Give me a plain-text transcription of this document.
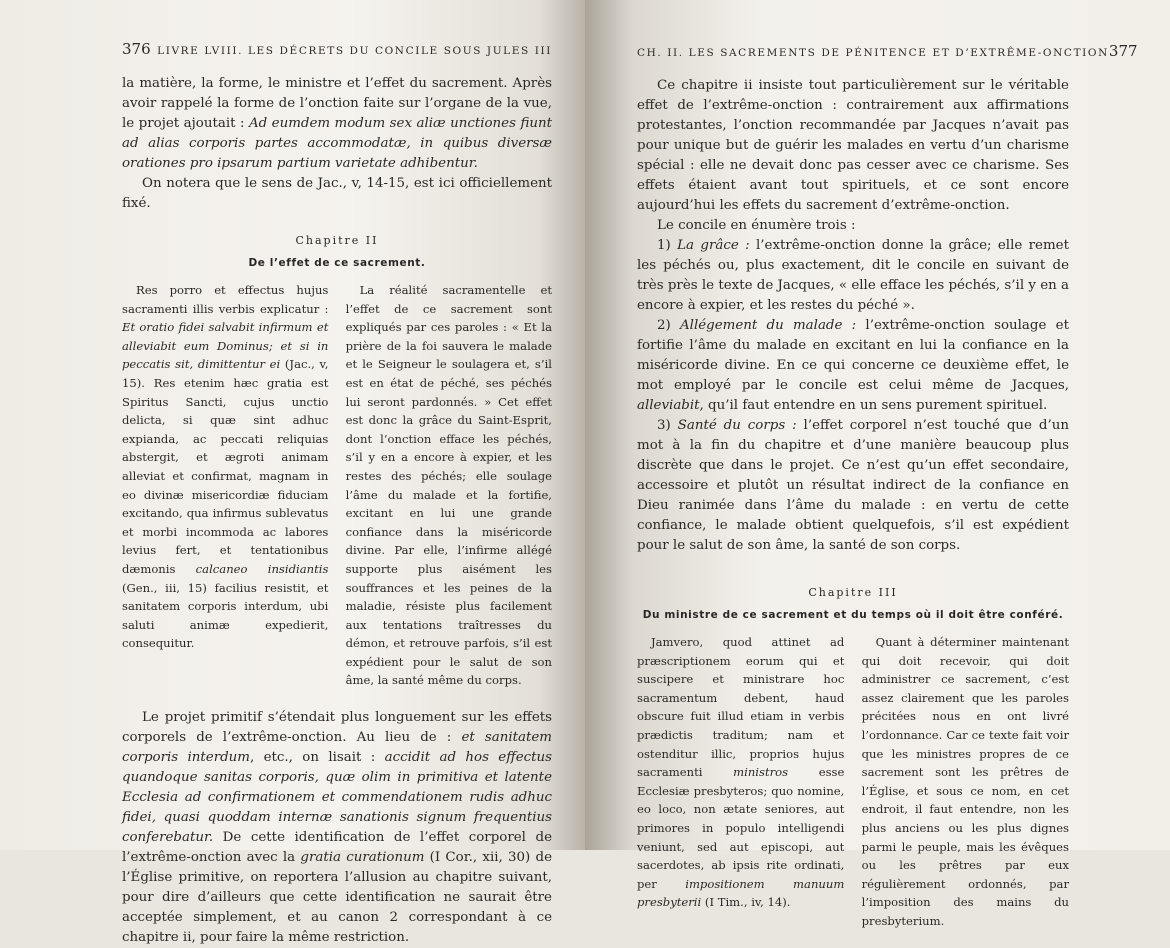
376 LIVRE LVIII. LES DÉCRETS DU CONCILE SOUS JULES III

la matière, la forme, le ministre et l’effet du sacrement. Après avoir rappelé la forme de l’onction faite sur l’organe de la vue, le projet ajoutait : Ad eumdem modum sex aliæ unctiones fiunt ad alias corporis partes accommodatæ, in quibus diversæ orationes pro ipsarum partium varietate adhibentur.

On notera que le sens de Jac., v, 14-15, est ici officiellement fixé.

Chapitre II
De l’effet de ce sacrement.

Res porro et effectus hujus sacramenti illis verbis explicatur : Et oratio fidei salvabit infirmum et alleviabit eum Dominus; et si in peccatis sit, dimittentur ei (Jac., v, 15). Res etenim hæc gratia est Spiritus Sancti, cujus unctio delicta, si quæ sint adhuc expianda, ac peccati reliquias abstergit, et ægroti animam alleviat et confirmat, magnam in eo divinæ misericordiæ fiduciam excitando, qua infirmus sublevatus et morbi incommoda ac labores levius fert, et tentationibus dæmonis calcaneo insidiantis (Gen., iii, 15) facilius resistit, et sanitatem corporis interdum, ubi saluti animæ expedierit, consequitur.

La réalité sacramentelle et l’effet de ce sacrement sont expliqués par ces paroles : « Et la prière de la foi sauvera le malade et le Seigneur le soulagera et, s’il est en état de péché, ses péchés lui seront pardonnés. » Cet effet est donc la grâce du Saint-Esprit, dont l’onction efface les péchés, s’il y en a encore à expier, et les restes des péchés; elle soulage l’âme du malade et la fortifie, excitant en lui une grande confiance dans la miséricorde divine. Par elle, l’infirme allégé supporte plus aisément les souffrances et les peines de la maladie, résiste plus facilement aux tentations traîtresses du démon, et retrouve parfois, s’il est expédient pour le salut de son âme, la santé même du corps.

Le projet primitif s’étendait plus longuement sur les effets corporels de l’extrême-onction. Au lieu de : et sanitatem corporis interdum, etc., on lisait : accidit ad hos effectus quandoque sanitas corporis, quæ olim in primitiva et latente Ecclesia ad confirmationem et commendationem rudis adhuc fidei, quasi quoddam internæ sanationis signum frequentius conferebatur. De cette identification de l’effet corporel de l’extrême-onction avec la gratia curationum (I Cor., xii, 30) de l’Église primitive, on reportera l’allusion au chapitre suivant, pour dire d’ailleurs que cette identification ne saurait être acceptée simplement, et au canon 2 correspondant à ce chapitre ii, pour faire la même restriction.

CH. II. LES SACREMENTS DE PÉNITENCE ET D’EXTRÊME-ONCTION 377

Ce chapitre ii insiste tout particulièrement sur le véritable effet de l’extrême-onction : contrairement aux affirmations protestantes, l’onction recommandée par Jacques n’avait pas pour unique but de guérir les malades en vertu d’un charisme spécial : elle ne devait donc pas cesser avec ce charisme. Ses effets étaient avant tout spirituels, et ce sont encore aujourd’hui les effets du sacrement d’extrême-onction.

Le concile en énumère trois :

1) La grâce : l’extrême-onction donne la grâce; elle remet les péchés ou, plus exactement, dit le concile en suivant de très près le texte de Jacques, « elle efface les péchés, s’il y en a encore à expier, et les restes du péché ».

2) Allégement du malade : l’extrême-onction soulage et fortifie l’âme du malade en excitant en lui la confiance en la miséricorde divine. En ce qui concerne ce deuxième effet, le mot employé par le concile est celui même de Jacques, alleviabit, qu’il faut entendre en un sens purement spirituel.

3) Santé du corps : l’effet corporel n’est touché que d’un mot à la fin du chapitre et d’une manière beaucoup plus discrète que dans le projet. Ce n’est qu’un effet secondaire, accessoire et plutôt un résultat indirect de la confiance en Dieu ranimée dans l’âme du malade : en vertu de cette confiance, le malade obtient quelquefois, s’il est expédient pour le salut de son âme, la santé de son corps.

Chapitre III
Du ministre de ce sacrement et du temps où il doit être conféré.

Jamvero, quod attinet ad præscriptionem eorum qui et suscipere et ministrare hoc sacramentum debent, haud obscure fuit illud etiam in verbis prædictis traditum; nam et ostenditur illic, proprios hujus sacramenti ministros esse Ecclesiæ presbyteros; quo nomine, eo loco, non ætate seniores, aut primores in populo intelligendi veniunt, sed aut episcopi, aut sacerdotes, ab ipsis rite ordinati, per impositionem manuum presbyterii (I Tim., iv, 14).

Quant à déterminer maintenant qui doit recevoir, qui doit administrer ce sacrement, c’est assez clairement que les paroles précitées nous en ont livré l’ordonnance. Car ce texte fait voir que les ministres propres de ce sacrement sont les prêtres de l’Église, et sous ce nom, en cet endroit, il faut entendre, non les plus anciens ou les plus dignes parmi le peuple, mais les évêques ou les prêtres par eux régulièrement ordonnés, par l’imposition des mains du presbyterium.
